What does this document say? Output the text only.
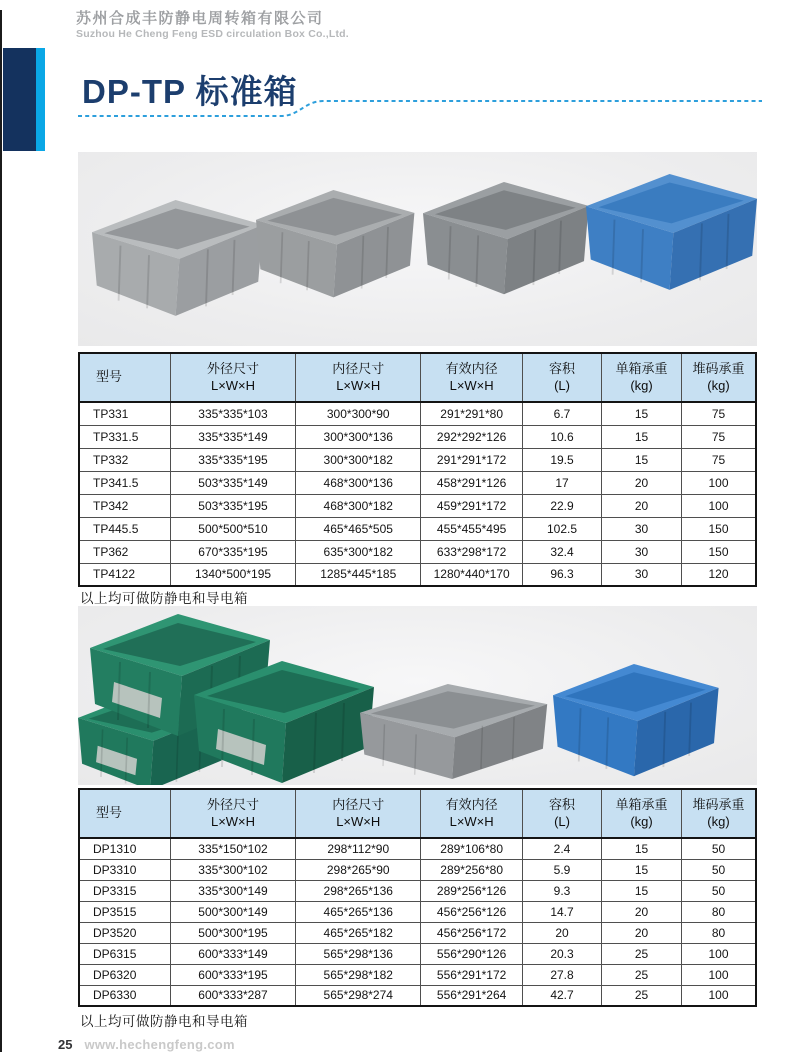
苏州合成丰防静电周转箱有限公司
Suzhou He Cheng Feng ESD circulation Box Co.,Ltd.
DP-TP 标准箱
型号

外径尺寸
L×W×H

内径尺寸
L×W×H

有效内径
L×W×H

容积
(L)

单箱承重
(kg)

堆码承重
(kg)

TP331	335*335*103	300*300*90	291*291*80	6.7	15	75
TP331.5	335*335*149	300*300*136	292*292*126	10.6	15	75
TP332	335*335*195	300*300*182	291*291*172	19.5	15	75
TP341.5	503*335*149	468*300*136	458*291*126	17	20	100
TP342	503*335*195	468*300*182	459*291*172	22.9	20	100
TP445.5	500*500*510	465*465*505	455*455*495	102.5	30	150
TP362	670*335*195	635*300*182	633*298*172	32.4	30	150
TP4122	1340*500*195	1285*445*185	1280*440*170	96.3	30	120
以上均可做防静电和导电箱
型号

外径尺寸
L×W×H

内径尺寸
L×W×H

有效内径
L×W×H

容积
(L)

单箱承重
(kg)

堆码承重
(kg)

DP1310	335*150*102	298*112*90	289*106*80	2.4	15	50
DP3310	335*300*102	298*265*90	289*256*80	5.9	15	50
DP3315	335*300*149	298*265*136	289*256*126	9.3	15	50
DP3515	500*300*149	465*265*136	456*256*126	14.7	20	80
DP3520	500*300*195	465*265*182	456*256*172	20	20	80
DP6315	600*333*149	565*298*136	556*290*126	20.3	25	100
DP6320	600*333*195	565*298*182	556*291*172	27.8	25	100
DP6330	600*333*287	565*298*274	556*291*264	42.7	25	100
以上均可做防静电和导电箱
25 www.hechengfeng.com
